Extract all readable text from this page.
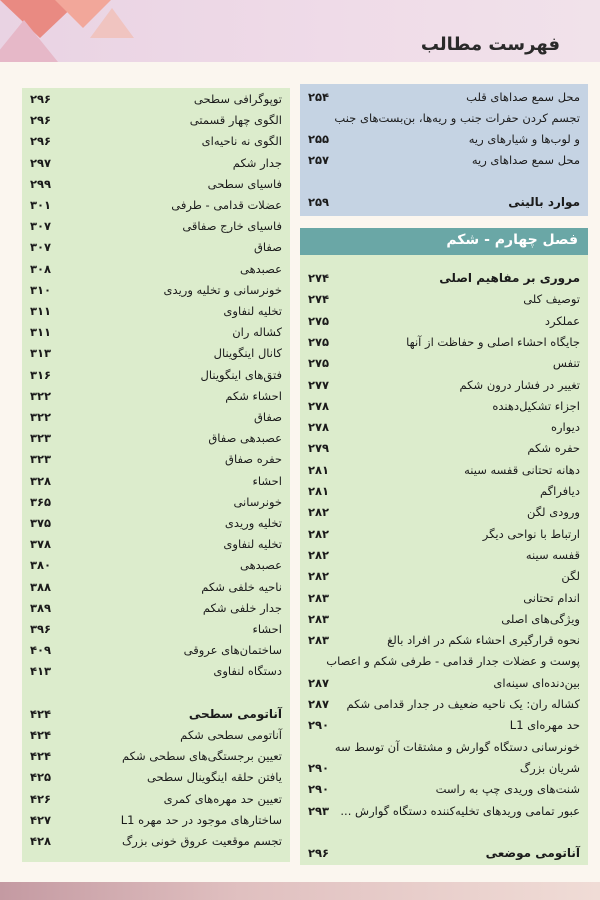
فهرست مطالب
توپوگرافی سطحی
۲۹۶
الگوی چهار قسمتی
۲۹۶
الگوی نه ناحیه‌ای
۲۹۶
جدار شکم
۲۹۷
فاسیای سطحی
۲۹۹
عضلات قدامی - طرفی
۳۰۱
فاسیای خارج صفاقی
۳۰۷
صفاق
۳۰۷
عصبدهی
۳۰۸
خونرسانی و تخلیه وریدی
۳۱۰
تخلیه لنفاوی
۳۱۱
کشاله ران
۳۱۱
کانال اینگوینال
۳۱۳
فتق‌های اینگوینال
۳۱۶
احشاء شکم
۳۲۲
صفاق
۳۲۲
عصبدهی صفاق
۳۲۳
حفره صفاق
۳۲۳
احشاء
۳۲۸
خونرسانی
۳۶۵
تخلیه وریدی
۳۷۵
تخلیه لنفاوی
۳۷۸
عصبدهی
۳۸۰
ناحیه خلفی شکم
۳۸۸
جدار خلفی شکم
۳۸۹
احشاء
۳۹۶
ساختمان‌های عروقی
۴۰۹
دستگاه لنفاوی
۴۱۳
آناتومی سطحی
۴۲۴
آناتومی سطحی شکم
۴۲۴
تعیین برجستگی‌های سطحی شکم
۴۲۴
یافتن حلقه اینگوینال سطحی
۴۲۵
تعیین حد مهره‌های کمری
۴۲۶
ساختارهای موجود در حد مهره L1
۴۲۷
تجسم موقعیت عروق خونی بزرگ
۴۲۸
محل سمع صداهای قلب
۲۵۴
تجسم کردن حفرات جنب و ریه‌ها، بن‌بست‌های جنب
و لوب‌ها و شیارهای ریه
۲۵۵
محل سمع صداهای ریه
۲۵۷
موارد بالینی
۲۵۹
فصل چهارم - شکم
مروری بر مفاهیم اصلی
۲۷۴
توصیف کلی
۲۷۴
عملکرد
۲۷۵
جایگاه احشاء اصلی و حفاظت از آنها
۲۷۵
تنفس
۲۷۵
تغییر در فشار درون شکم
۲۷۷
اجزاء تشکیل‌دهنده
۲۷۸
دیواره
۲۷۸
حفره شکم
۲۷۹
دهانه تحتانی قفسه سینه
۲۸۱
دیافراگم
۲۸۱
ورودی لگن
۲۸۲
ارتباط با نواحی دیگر
۲۸۲
قفسه سینه
۲۸۲
لگن
۲۸۲
اندام تحتانی
۲۸۳
ویژگی‌های اصلی
۲۸۳
نحوه قرارگیری احشاء شکم در افراد بالغ
۲۸۳
پوست و عضلات جدار قدامی - طرفی شکم و اعصاب
بین‌دنده‌ای سینه‌ای
۲۸۷
کشاله ران: یک ناحیه ضعیف در جدار قدامی شکم
۲۸۷
حد مهره‌ای L1
۲۹۰
خونرسانی دستگاه گوارش و مشتقات آن توسط سه
شریان بزرگ
۲۹۰
شنت‌های وریدی چپ به راست
۲۹۰
عبور تمامی وریدهای تخلیه‌کننده دستگاه گوارش ...
۲۹۳
آناتومی موضعی
۲۹۶
